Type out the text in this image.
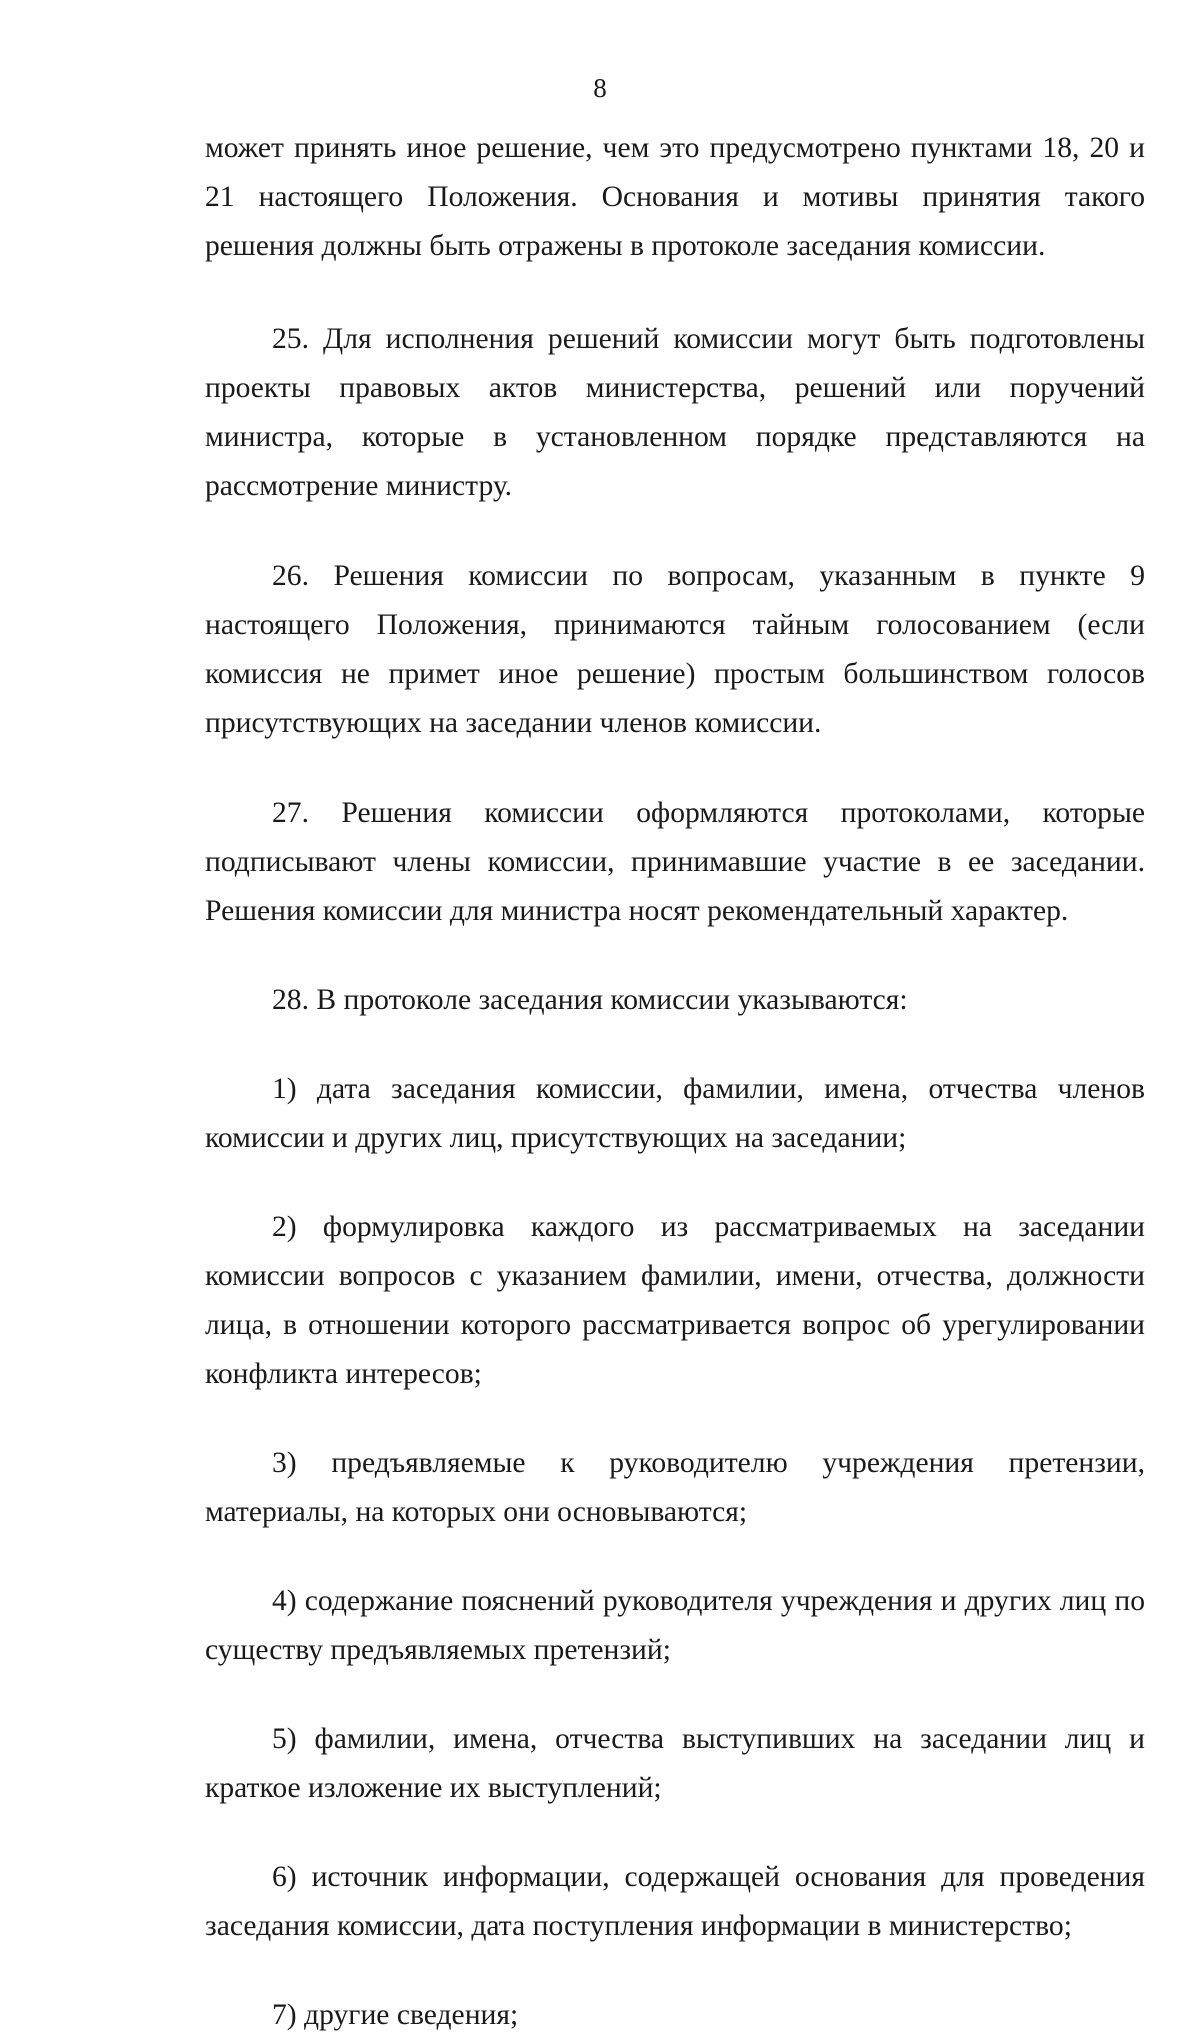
8

может принять иное решение, чем это предусмотрено пунктами 18, 20 и 21 настоящего Положения. Основания и мотивы принятия такого решения должны быть отражены в протоколе заседания комиссии.

25. Для исполнения решений комиссии могут быть подготовлены проекты правовых актов министерства, решений или поручений министра, которые в установленном порядке представляются на рассмотрение министру.

26. Решения комиссии по вопросам, указанным в пункте 9 настоящего Положения, принимаются тайным голосованием (если комиссия не примет иное решение) простым большинством голосов присутствующих на заседании членов комиссии.

27. Решения комиссии оформляются протоколами, которые подписывают члены комиссии, принимавшие участие в ее заседании. Решения комиссии для министра носят рекомендательный характер.

28. В протоколе заседания комиссии указываются:

1) дата заседания комиссии, фамилии, имена, отчества членов комиссии и других лиц, присутствующих на заседании;

2) формулировка каждого из рассматриваемых на заседании комиссии вопросов с указанием фамилии, имени, отчества, должности лица, в отношении которого рассматривается вопрос об урегулировании конфликта интересов;

3) предъявляемые к руководителю учреждения претензии, материалы, на которых они основываются;

4) содержание пояснений руководителя учреждения и других лиц по существу предъявляемых претензий;

5) фамилии, имена, отчества выступивших на заседании лиц и краткое изложение их выступлений;

6) источник информации, содержащей основания для проведения заседания комиссии, дата поступления информации в министерство;

7) другие сведения;
